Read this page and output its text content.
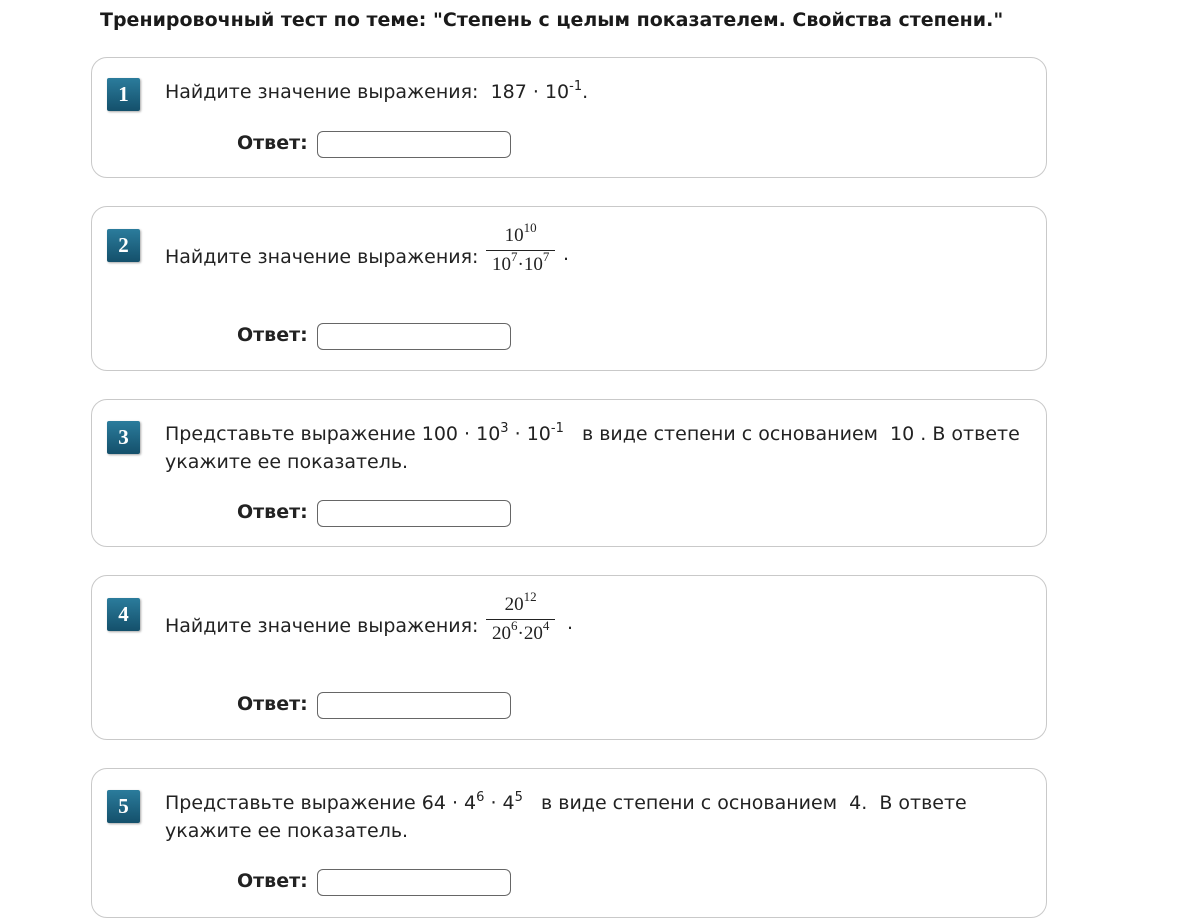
Тренировочный тест по теме: "Степень с целым показателем. Свойства степени."
1	Найдите значение выражения: $187 \cdot 10^{-1}$.
Ответ:
2	Найдите значение выражения:
$10^{10}$
$10^7\cdot 10^7$ .
Ответ:
3	Представьте выражение $100 \cdot 10^3 \cdot 10^{-1}$   в виде степени с основанием  10 . В ответе
укажите ее показатель.
Ответ:
4	Найдите значение выражения:
$20^{12}$
$20^6\cdot 20^4$ .
Ответ:
5	Представьте выражение $64 \cdot 4^6 \cdot 4^5$   в виде степени с основанием  4.  В ответе
укажите ее показатель.
Ответ:
